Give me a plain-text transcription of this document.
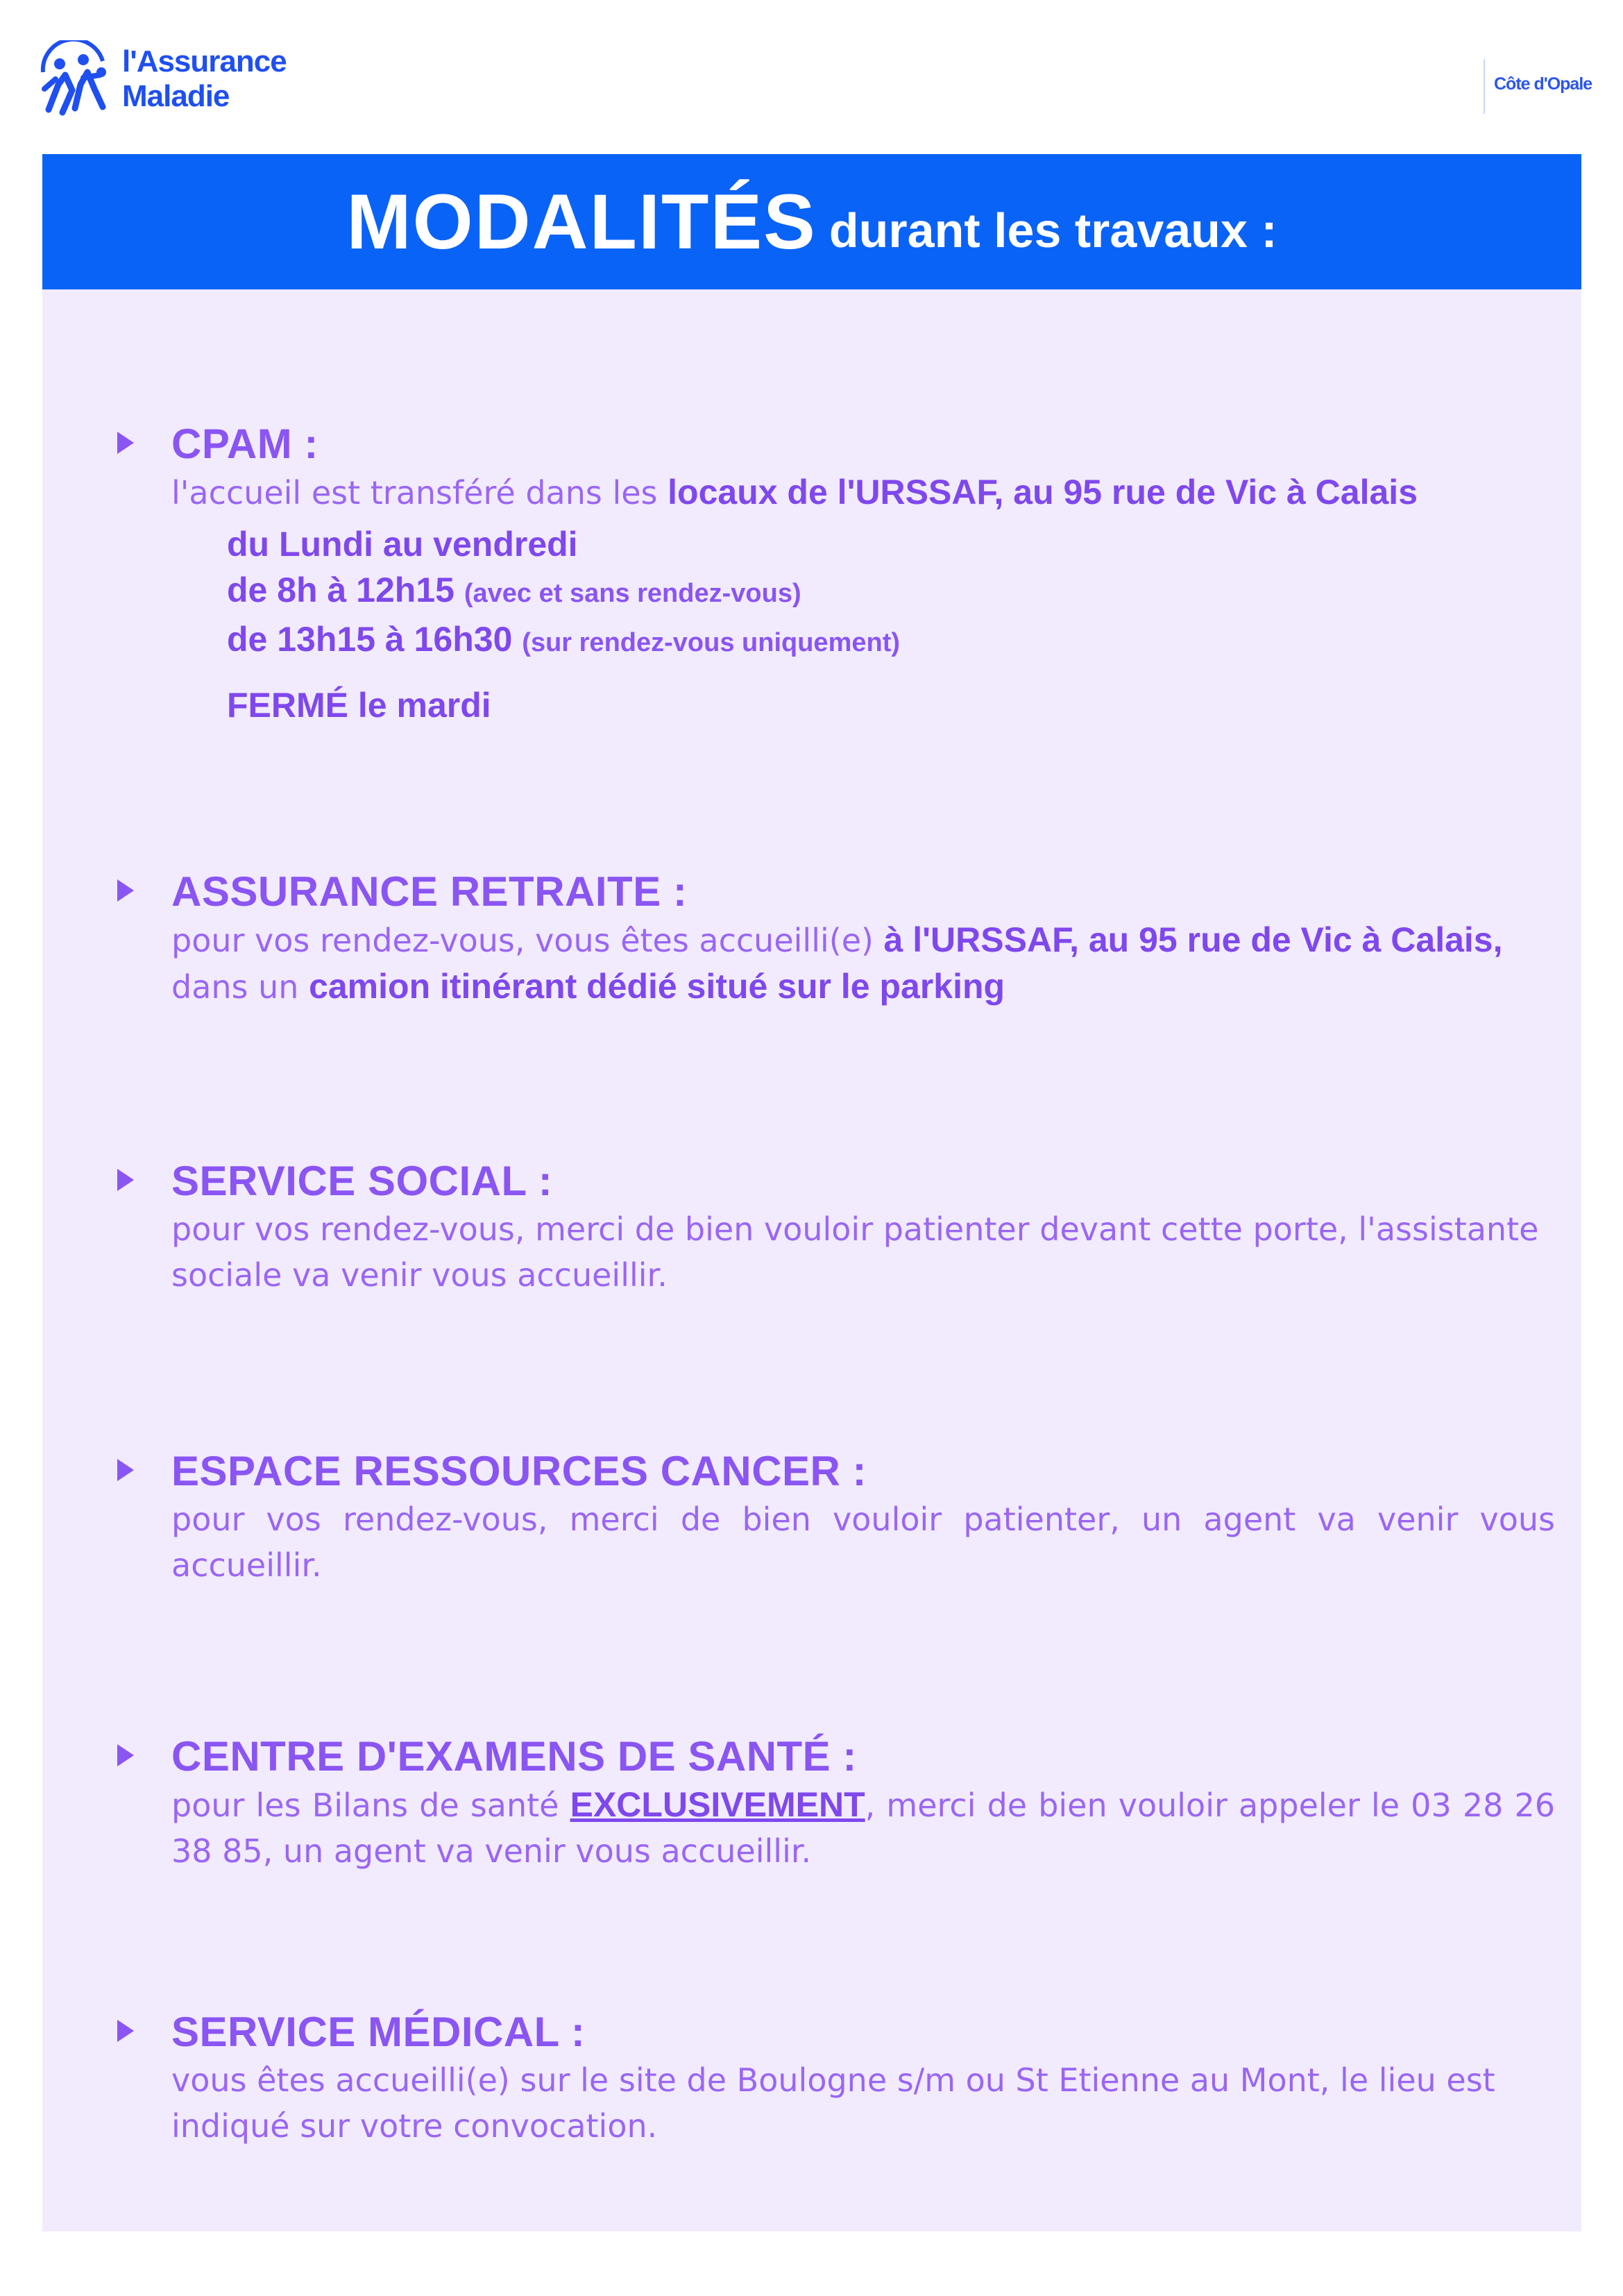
l'Assurance
Maladie	Côte d'Opale
MODALITÉS durant les travaux :
CPAM :
l'accueil est transféré dans les locaux de l'URSSAF, au 95 rue de Vic à Calais
du Lundi au vendredi
de 8h à 12h15 (avec et sans rendez-vous)
de 13h15 à 16h30 (sur rendez-vous uniquement)
FERMÉ le mardi
ASSURANCE RETRAITE :
pour vos rendez-vous, vous êtes accueilli(e) à l'URSSAF, au 95 rue de Vic à Calais,
dans un camion itinérant dédié situé sur le parking
SERVICE SOCIAL :
pour vos rendez-vous, merci de bien vouloir patienter devant cette porte, l'assistante sociale va venir vous accueillir.
ESPACE RESSOURCES CANCER :
pour vos rendez-vous, merci de bien vouloir patienter, un agent va venir vous accueillir.
CENTRE D'EXAMENS DE SANTÉ :
pour les Bilans de santé EXCLUSIVEMENT, merci de bien vouloir appeler le 03 28 26 38 85, un agent va venir vous accueillir.
SERVICE MÉDICAL :
vous êtes accueilli(e) sur le site de Boulogne s/m ou St Etienne au Mont, le lieu est indiqué sur votre convocation.
